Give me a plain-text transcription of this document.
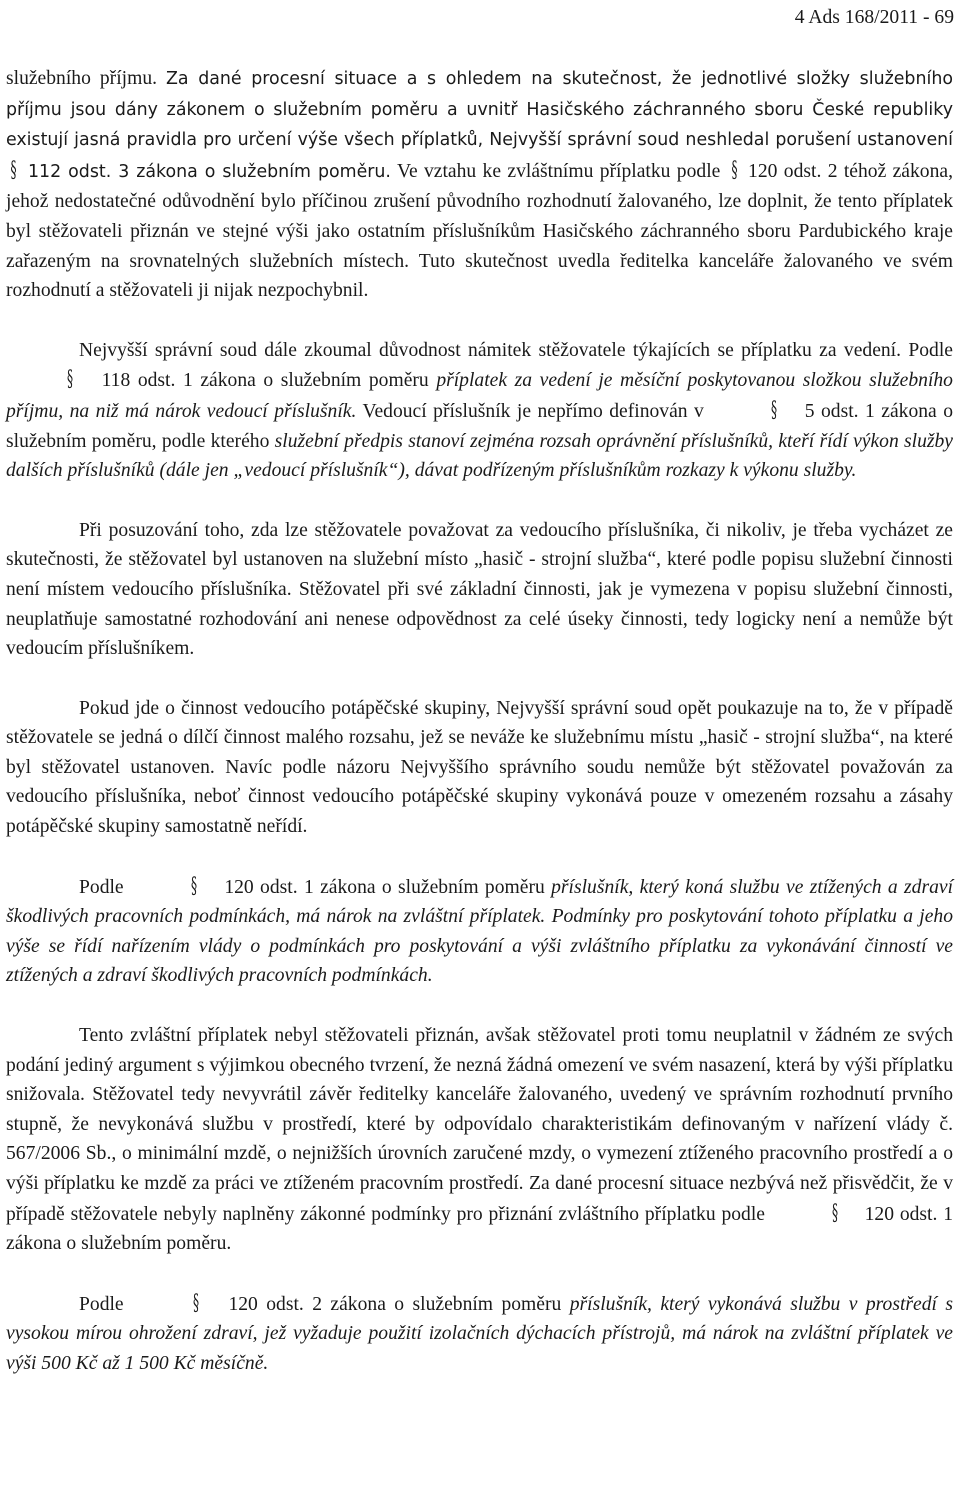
4 Ads 168/2011 - 69

služebního příjmu. Za dané procesní situace a s ohledem na skutečnost, že jednotlivé složky služebního příjmu jsou dány zákonem o služebním poměru a uvnitř Hasičského záchranného sboru České republiky existují jasná pravidla pro určení výše všech příplatků, Nejvyšší správní soud neshledal porušení ustanovení § 112 odst. 3 zákona o služebním poměru. Ve vztahu ke zvláštnímu příplatku podle § 120 odst. 2 téhož zákona, jehož nedostatečné odůvodnění bylo příčinou zrušení původního rozhodnutí žalovaného, lze doplnit, že tento příplatek byl stěžovateli přiznán ve stejné výši jako ostatním příslušníkům Hasičského záchranného sboru Pardubického kraje zařazeným na srovnatelných služebních místech. Tuto skutečnost uvedla ředitelka kanceláře žalovaného ve svém rozhodnutí a stěžovateli ji nijak nezpochybnil.

Nejvyšší správní soud dále zkoumal důvodnost námitek stěžovatele týkajících se příplatku za vedení. Podle § 118 odst. 1 zákona o služebním poměru příplatek za vedení je měsíční poskytovanou složkou služebního příjmu, na niž má nárok vedoucí příslušník. Vedoucí příslušník je nepřímo definován v	§ 5 odst. 1 zákona o služebním poměru, podle kterého služební předpis stanoví zejména rozsah oprávnění příslušníků, kteří řídí výkon služby dalších příslušníků (dále jen „vedoucí příslušník“), dávat podřízeným příslušníkům rozkazy k výkonu služby.

Při posuzování toho, zda lze stěžovatele považovat za vedoucího příslušníka, či nikoliv, je třeba vycházet ze skutečnosti, že stěžovatel byl ustanoven na služební místo „hasič - strojní služba“, které podle popisu služební činnosti není místem vedoucího příslušníka. Stěžovatel při své základní činnosti, jak je vymezena v popisu služební činnosti, neuplatňuje samostatné rozhodování ani nenese odpovědnost za celé úseky činnosti, tedy logicky není a nemůže být vedoucím příslušníkem.

Pokud jde o činnost vedoucího potápěčské skupiny, Nejvyšší správní soud opět poukazuje na to, že v případě stěžovatele se jedná o dílčí činnost malého rozsahu, jež se neváže ke služebnímu místu „hasič - strojní služba“, na které byl stěžovatel ustanoven. Navíc podle názoru Nejvyššího správního soudu nemůže být stěžovatel považován za vedoucího příslušníka, neboť činnost vedoucího potápěčské skupiny vykonává pouze v omezeném rozsahu a zásahy potápěčské skupiny samostatně neřídí.

Podle	§ 120 odst. 1 zákona o služebním poměru příslušník, který koná službu ve ztížených a zdraví škodlivých pracovních podmínkách, má nárok na zvláštní příplatek. Podmínky pro poskytování tohoto příplatku a jeho výše se řídí nařízením vlády o podmínkách pro poskytování a výši zvláštního příplatku za vykonávání činností ve ztížených a zdraví škodlivých pracovních podmínkách.

Tento zvláštní příplatek nebyl stěžovateli přiznán, avšak stěžovatel proti tomu neuplatnil v žádném ze svých podání jediný argument s výjimkou obecného tvrzení, že nezná žádná omezení ve svém nasazení, která by výši příplatku snižovala. Stěžovatel tedy nevyvrátil závěr ředitelky kanceláře žalovaného, uvedený ve správním rozhodnutí prvního stupně, že nevykonává službu v prostředí, které by odpovídalo charakteristikám definovaným v nařízení vlády č. 567/2006 Sb., o minimální mzdě, o nejnižších úrovních zaručené mzdy, o vymezení ztíženého pracovního prostředí a o výši příplatku ke mzdě za práci ve ztíženém pracovním prostředí. Za dané procesní situace nezbývá než přisvědčit, že v případě stěžovatele nebyly naplněny zákonné podmínky pro přiznání zvláštního příplatku podle	§ 120 odst. 1 zákona o služebním poměru.

Podle	§ 120 odst. 2 zákona o služebním poměru příslušník, který vykonává službu v prostředí s vysokou mírou ohrožení zdraví, jež vyžaduje použití izolačních dýchacích přístrojů, má nárok na zvláštní příplatek ve výši 500 Kč až 1 500 Kč měsíčně.
